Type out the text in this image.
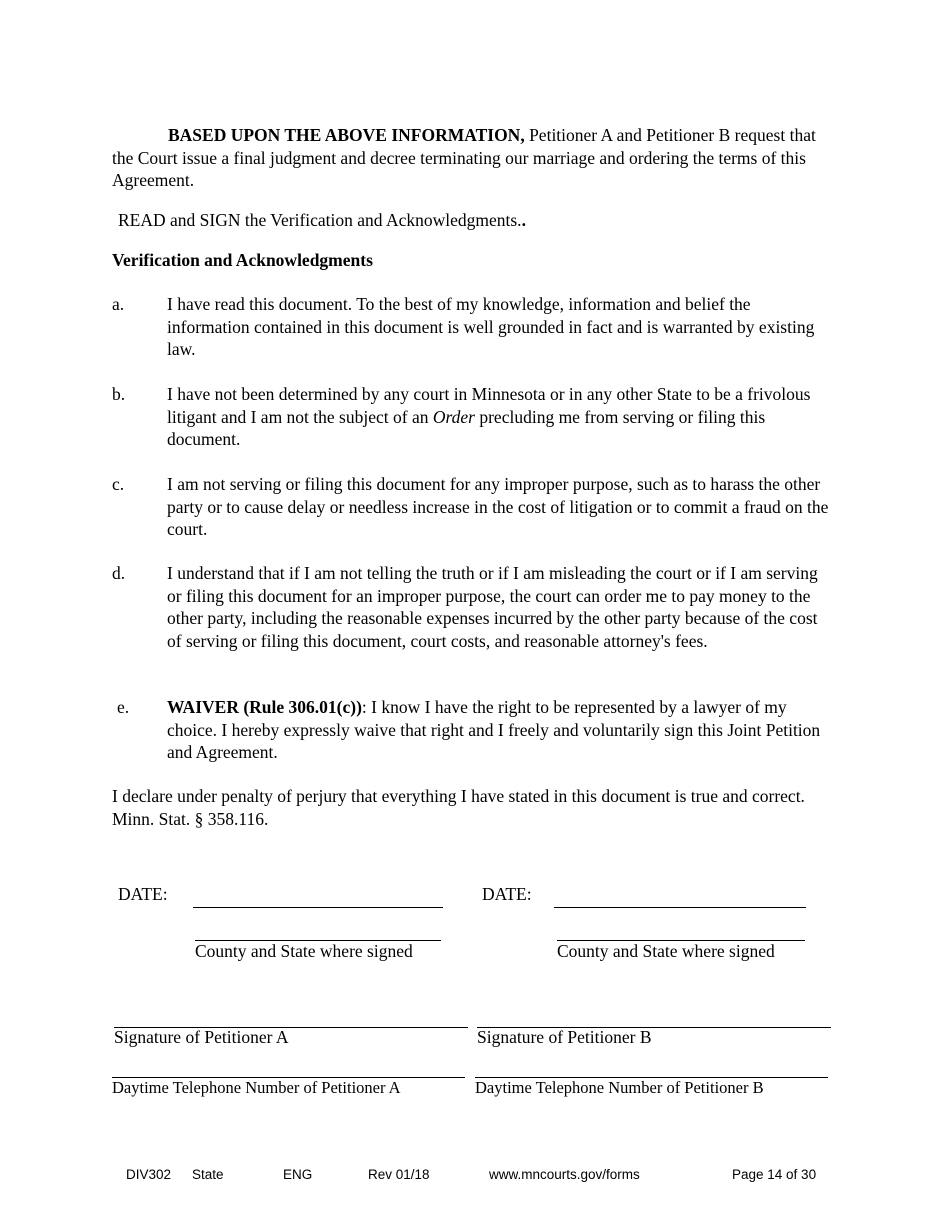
BASED UPON THE ABOVE INFORMATION, Petitioner A and Petitioner B request that the Court issue a final judgment and decree terminating our marriage and ordering the terms of this Agreement.
READ and SIGN the Verification and Acknowledgments..
Verification and Acknowledgments
a. I have read this document. To the best of my knowledge, information and belief the information contained in this document is well grounded in fact and is warranted by existing law.
b. I have not been determined by any court in Minnesota or in any other State to be a frivolous litigant and I am not the subject of an Order precluding me from serving or filing this document.
c. I am not serving or filing this document for any improper purpose, such as to harass the other party or to cause delay or needless increase in the cost of litigation or to commit a fraud on the court.
d. I understand that if I am not telling the truth or if I am misleading the court or if I am serving or filing this document for an improper purpose, the court can order me to pay money to the other party, including the reasonable expenses incurred by the other party because of the cost of serving or filing this document, court costs, and reasonable attorney's fees.
e. WAIVER (Rule 306.01(c)): I know I have the right to be represented by a lawyer of my choice. I hereby expressly waive that right and I freely and voluntarily sign this Joint Petition and Agreement.
I declare under penalty of perjury that everything I have stated in this document is true and correct. Minn. Stat. § 358.116.
DATE:	DATE:
County and State where signed	County and State where signed
Signature of Petitioner A	Signature of Petitioner B
Daytime Telephone Number of Petitioner A	Daytime Telephone Number of Petitioner B
DIV302 State	ENG	Rev 01/18	www.mncourts.gov/forms	Page 14 of 30
